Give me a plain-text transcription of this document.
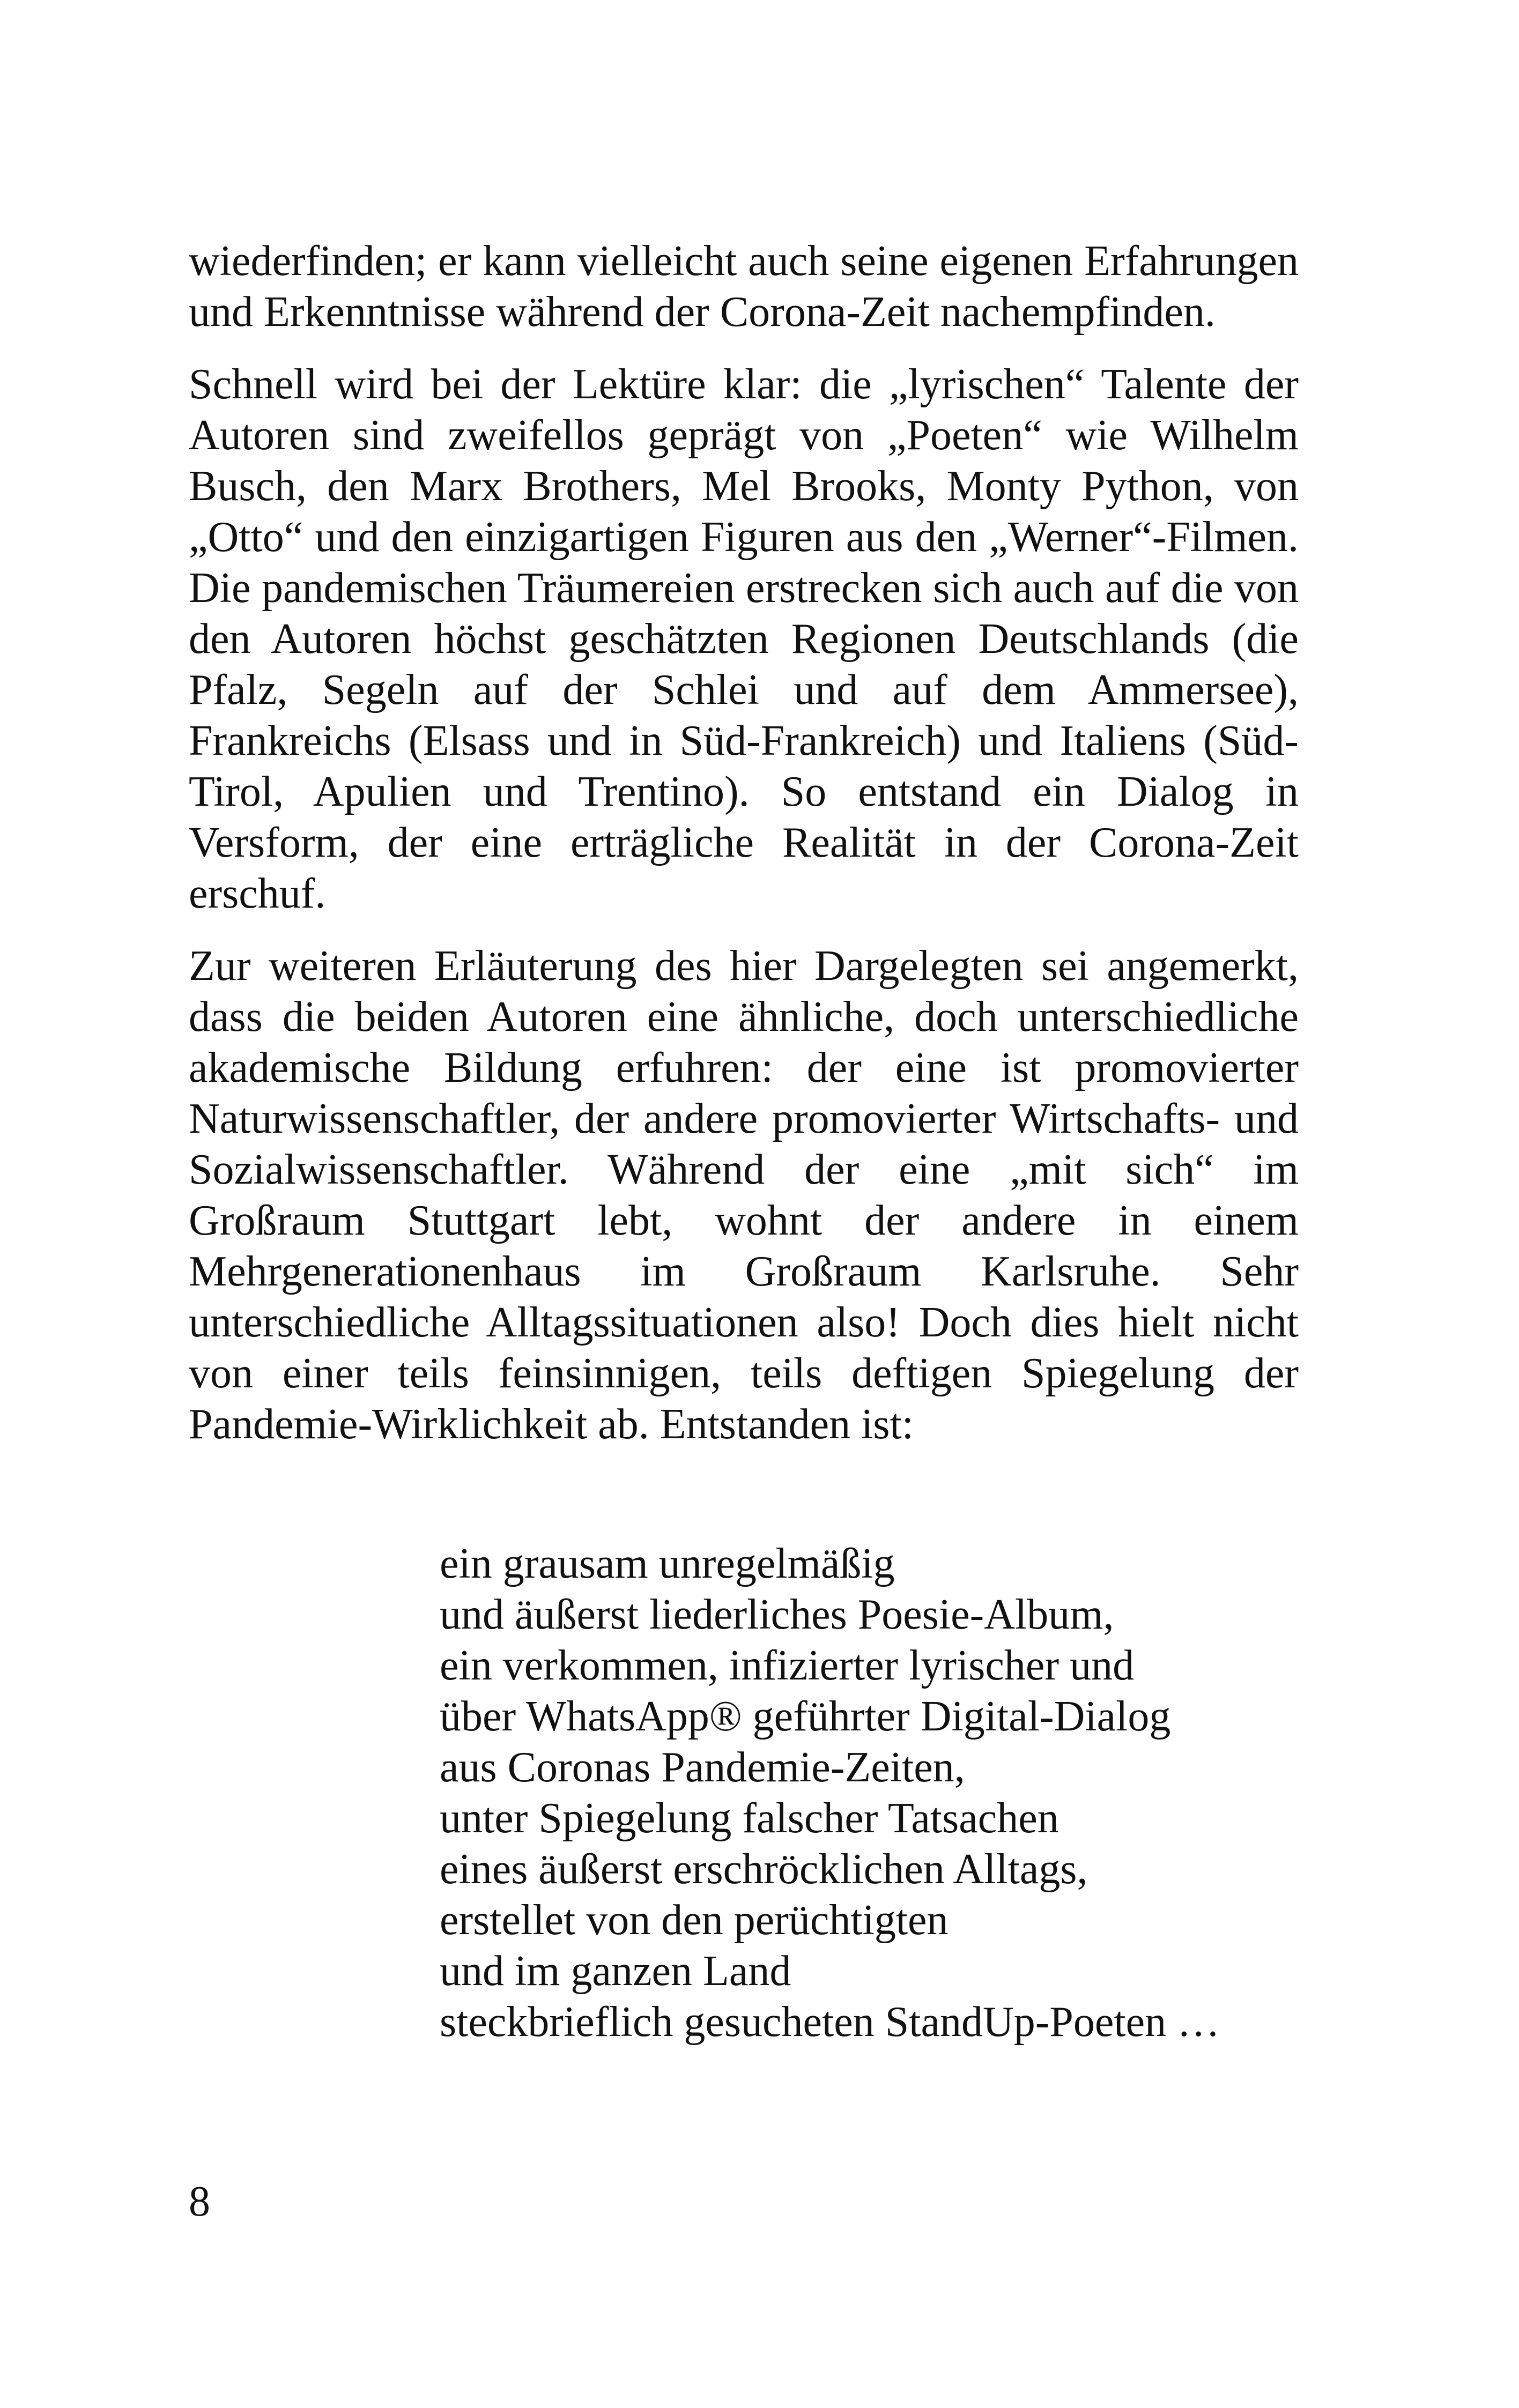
wiederfinden; er kann vielleicht auch seine eigenen Erfahrungen und Erkenntnisse während der Corona-Zeit nachempfinden.

Schnell wird bei der Lektüre klar: die „lyrischen“ Talente der Autoren sind zweifellos geprägt von „Poeten“ wie Wilhelm Busch, den Marx Brothers, Mel Brooks, Monty Python, von „Otto“ und den einzigartigen Figuren aus den „Werner“-Filmen. Die pandemischen Träumereien erstrecken sich auch auf die von den Autoren höchst geschätzten Regionen Deutschlands (die Pfalz, Segeln auf der Schlei und auf dem Ammersee), Frankreichs (Elsass und in Süd-Frankreich) und Italiens (Süd-Tirol, Apulien und Trentino). So entstand ein Dialog in Versform, der eine erträgliche Realität in der Corona-Zeit erschuf.

Zur weiteren Erläuterung des hier Dargelegten sei angemerkt, dass die beiden Autoren eine ähnliche, doch unterschiedliche akademische Bildung erfuhren: der eine ist promovierter Naturwissenschaftler, der andere promovierter Wirtschafts- und Sozialwissenschaftler. Während der eine „mit sich“ im Großraum Stuttgart lebt, wohnt der andere in einem Mehrgenerationenhaus im Großraum Karlsruhe. Sehr unterschiedliche Alltagssituationen also! Doch dies hielt nicht von einer teils feinsinnigen, teils deftigen Spiegelung der Pandemie-Wirklichkeit ab. Entstanden ist:

ein grausam unregelmäßig
und äußerst liederliches Poesie-Album,
ein verkommen, infizierter lyrischer und
über WhatsApp® geführter Digital-Dialog
aus Coronas Pandemie-Zeiten,
unter Spiegelung falscher Tatsachen
eines äußerst erschröcklichen Alltags,
erstellet von den perüchtigten
und im ganzen Land
steckbrieflich gesucheten StandUp-Poeten …
8
